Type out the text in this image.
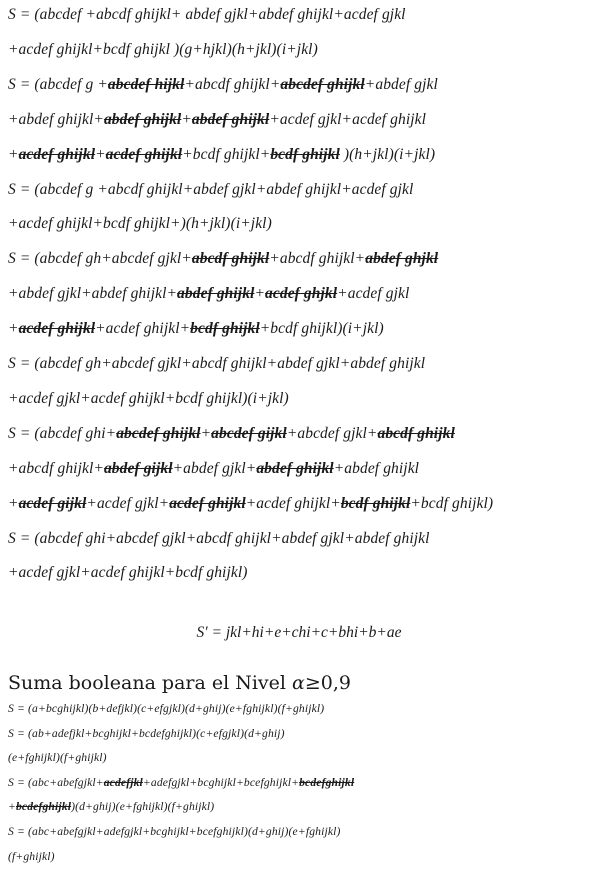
S = (abcdef +abcdf ghijkl+ abdef gjkl+abdef ghijkl+acdef gjkl
+acdef ghijkl+bcdf ghijkl )(g+hjkl)(h+jkl)(i+jkl)
S = (abcdef g +abcdef hijkl+abcdf ghijkl+abcdef ghijkl+abdef gjkl
+abdef ghijkl+abdef ghijkl+abdef ghijkl+acdef gjkl+acdef ghijkl
+acdef ghijkl+acdef ghijkl+bcdf ghijkl+bcdf ghijkl )(h+jkl)(i+jkl)
S = (abcdef g +abcdf ghijkl+abdef gjkl+abdef ghijkl+acdef gjkl
+acdef ghijkl+bcdf ghijkl+)(h+jkl)(i+jkl)
S = (abcdef gh+abcdef gjkl+abcdf ghijkl+abcdf ghijkl+abdef ghjkl
+abdef gjkl+abdef ghijkl+abdef ghijkl+acdef ghjkl+acdef gjkl
+acdef ghijkl+acdef ghijkl+bcdf ghijkl+bcdf ghijkl)(i+jkl)
S = (abcdef gh+abcdef gjkl+abcdf ghijkl+abdef gjkl+abdef ghijkl
+acdef gjkl+acdef ghijkl+bcdf ghijkl)(i+jkl)
S = (abcdef ghi+abcdef ghijkl+abcdef gijkl+abcdef gjkl+abcdf ghijkl
+abcdf ghijkl+abdef gijkl+abdef gjkl+abdef ghijkl+abdef ghijkl
+acdef gijkl+acdef gjkl+acdef ghijkl+acdef ghijkl+bcdf ghijkl+bcdf ghijkl)
S = (abcdef ghi+abcdef gjkl+abcdf ghijkl+abdef gjkl+abdef ghijkl
+acdef gjkl+acdef ghijkl+bcdf ghijkl)
S′ = jkl+hi+e+chi+c+bhi+b+ae
Suma booleana para el Nivel α≥0,9
S = (a+bcghijkl)(b+defjkl)(c+efgjkl)(d+ghij)(e+fghijkl)(f+ghijkl)
S = (ab+adefjkl+bcghijkl+bcdefghijkl)(c+efgjkl)(d+ghij)
(e+fghijkl)(f+ghijkl)
S = (abc+abefgjkl+acdefjkl+adefgjkl+bcghijkl+bcefghijkl+bcdefghijkl
+bcdefghijkl)(d+ghij)(e+fghijkl)(f+ghijkl)
S = (abc+abefgjkl+adefgjkl+bcghijkl+bcefghijkl)(d+ghij)(e+fghijkl)
(f+ghijkl)
